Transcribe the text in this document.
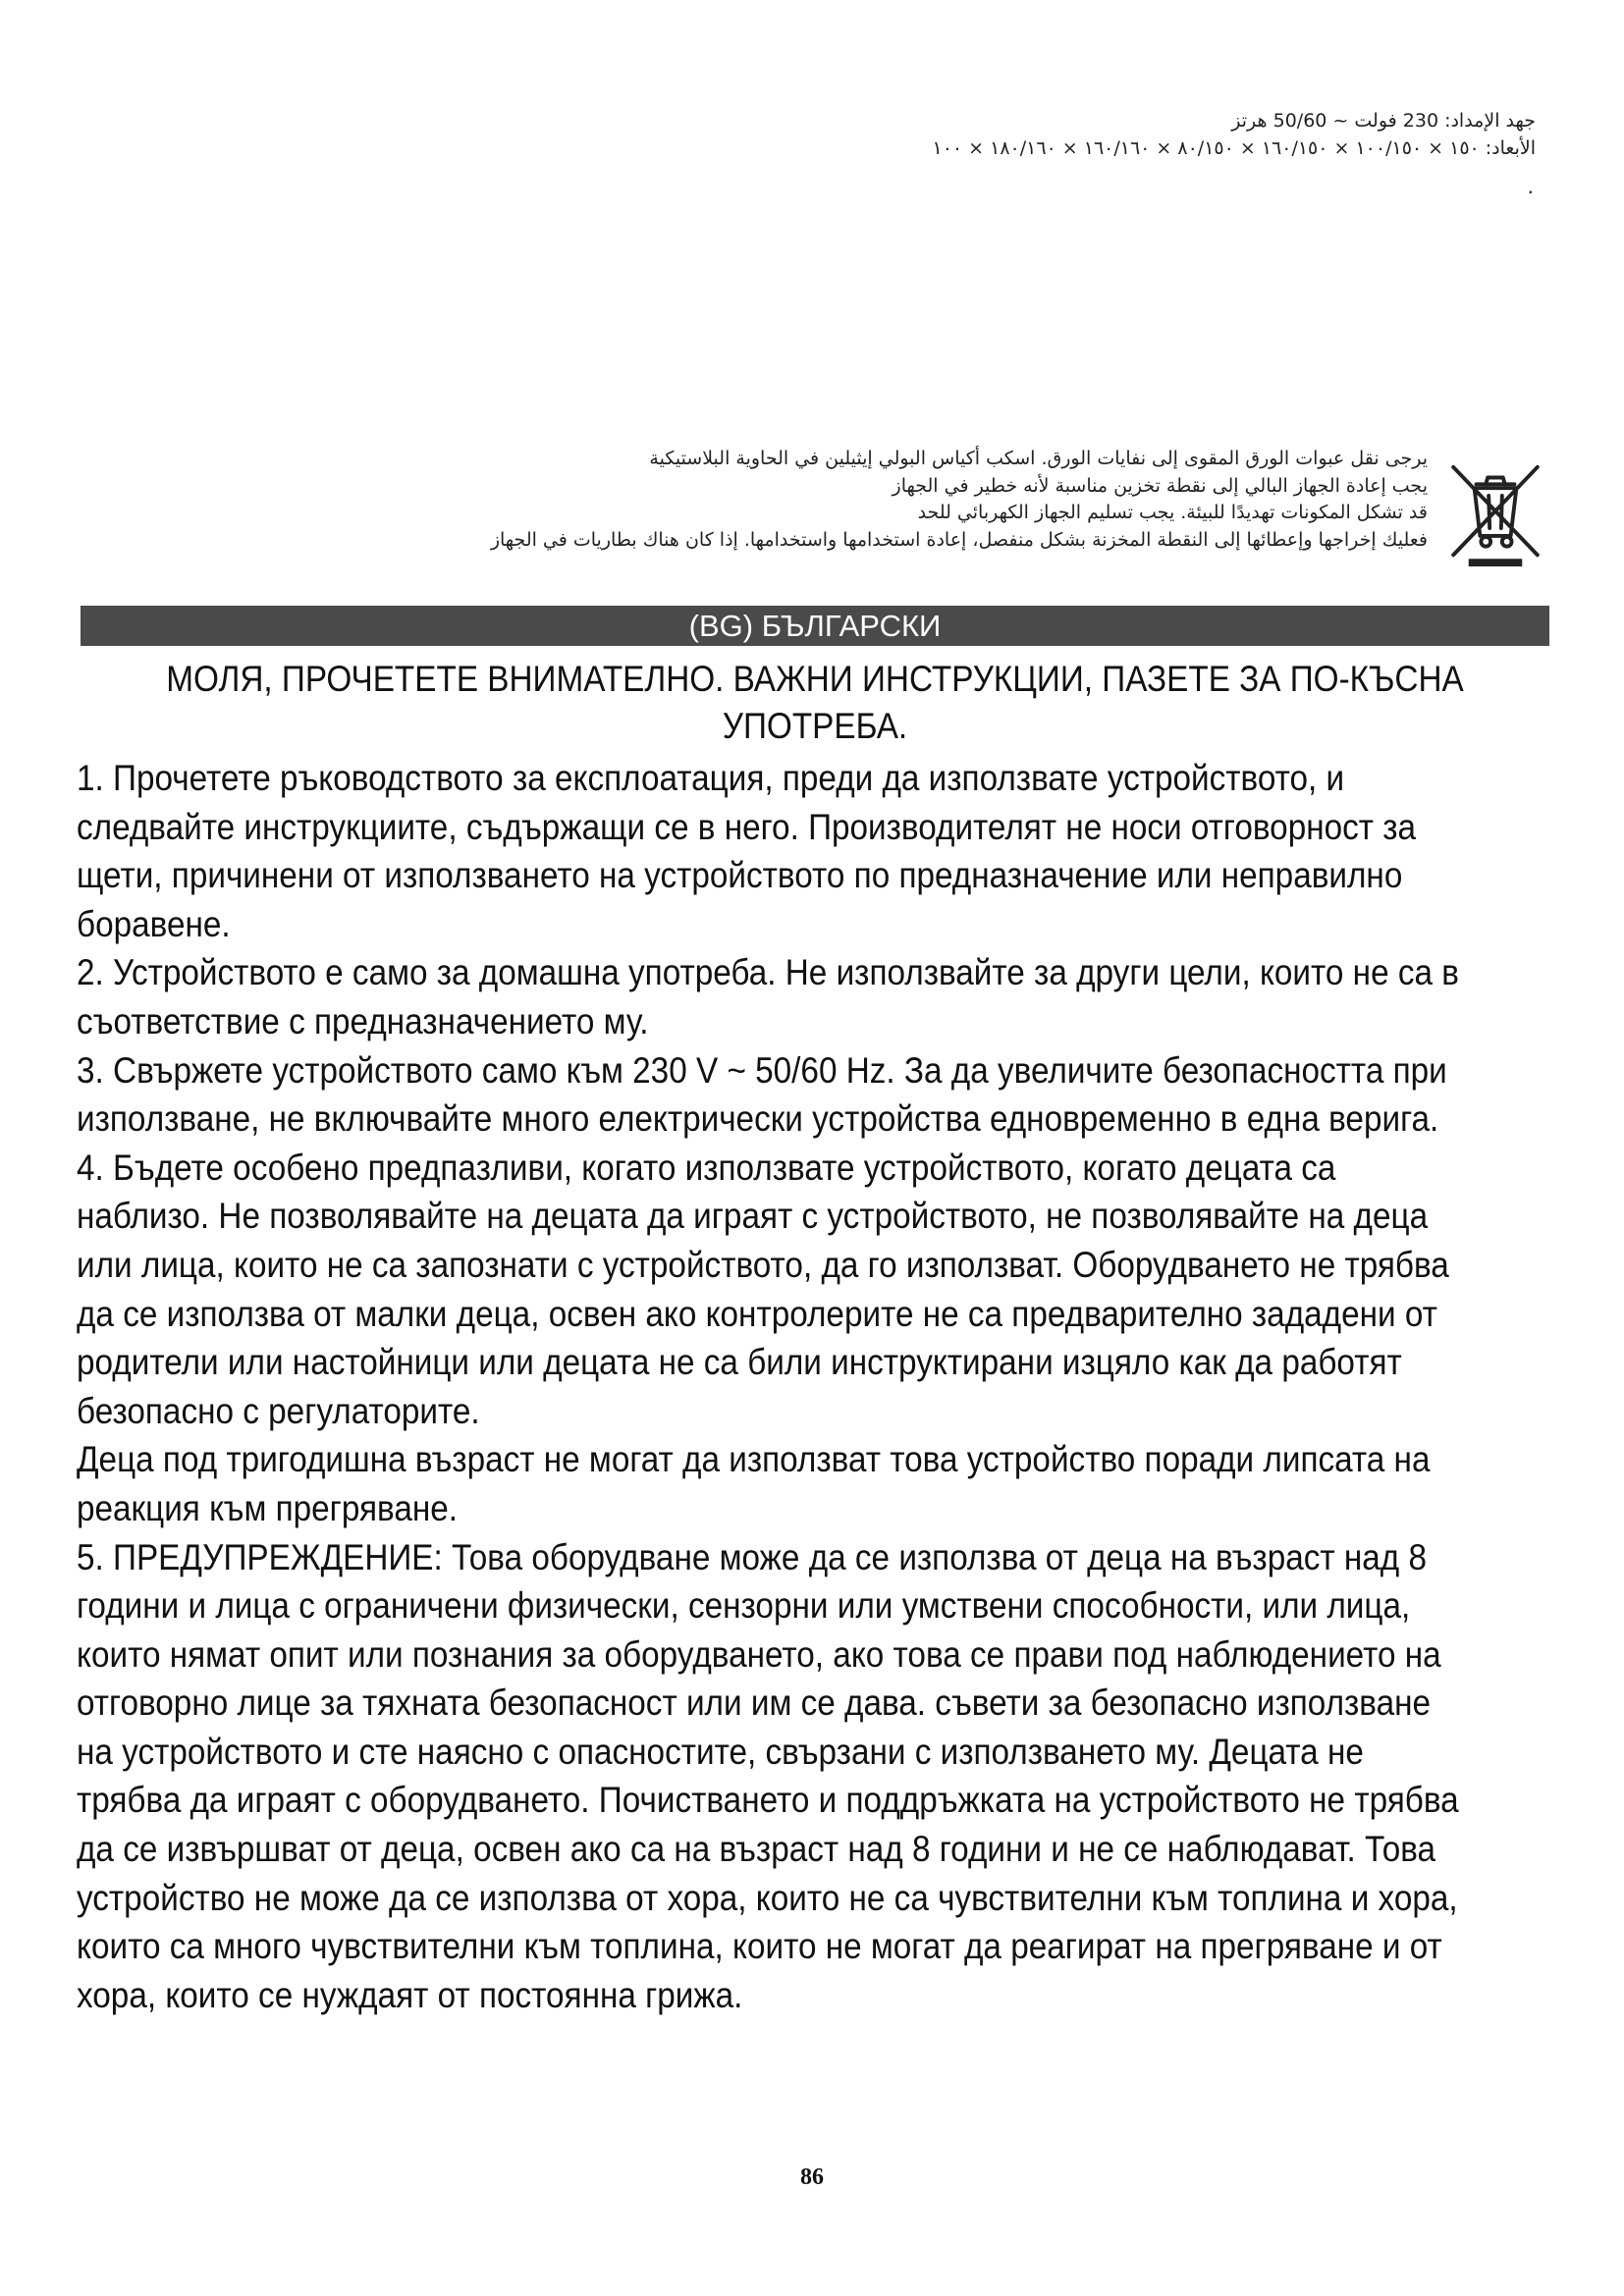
جهد الإمداد: 230 فولت ~ 50/60 هرتز
الأبعاد: ١٥٠ × ١٠٠/١٥٠ × ١٦٠/١٥٠ × ٨٠/١٥٠ × ١٦٠/١٦٠ × ١٨٠/١٦٠ × ١٠٠
.
يرجى نقل عبوات الورق المقوى إلى نفايات الورق. اسكب أكياس البولي إيثيلين في الحاوية البلاستيكية
يجب إعادة الجهاز البالي إلى نقطة تخزين مناسبة لأنه خطير في الجهاز
قد تشكل المكونات تهديدًا للبيئة. يجب تسليم الجهاز الكهربائي للحد
فعليك إخراجها وإعطائها إلى النقطة المخزنة بشكل منفصل، إعادة استخدامها واستخدامها. إذا كان هناك بطاريات في الجهاز
(BG) БЪЛГАРСКИ
МОЛЯ, ПРОЧЕТЕТЕ ВНИМАТЕЛНО. ВАЖНИ ИНСТРУКЦИИ, ПАЗЕТЕ ЗА ПО-КЪСНА УПОТРЕБА.

1. Прочетете ръководството за експлоатация, преди да използвате устройството, и следвайте инструкциите, съдържащи се в него. Производителят не носи отговорност за щети, причинени от използването на устройството по предназначение или неправилно боравене.

2. Устройството е само за домашна употреба. Не използвайте за други цели, които не са в съответствие с предназначението му.

3. Свържете устройството само към 230 V ~ 50/60 Hz. За да увеличите безопасността при използване, не включвайте много електрически устройства едновременно в една верига.

4. Бъдете особено предпазливи, когато използвате устройството, когато децата са наблизо. Не позволявайте на децата да играят с устройството, не позволявайте на деца или лица, които не са запознати с устройството, да го използват. Оборудването не трябва да се използва от малки деца, освен ако контролерите не са предварително зададени от родители или настойници или децата не са били инструктирани изцяло как да работят безопасно с регулаторите.

Деца под тригодишна възраст не могат да използват това устройство поради липсата на реакция към прегряване.

5. ПРЕДУПРЕЖДЕНИЕ: Това оборудване може да се използва от деца на възраст над 8 години и лица с ограничени физически, сензорни или умствени способности, или лица, които нямат опит или познания за оборудването, ако това се прави под наблюдението на отговорно лице за тяхната безопасност или им се дава. съвети за безопасно използване на устройството и сте наясно с опасностите, свързани с използването му. Децата не трябва да играят с оборудването. Почистването и поддръжката на устройството не трябва да се извършват от деца, освен ако са на възраст над 8 години и не се наблюдават. Това устройство не може да се използва от хора, които не са чувствителни към топлина и хора, които са много чувствителни към топлина, които не могат да реагират на прегряване и от хора, които се нуждаят от постоянна грижа.

86
